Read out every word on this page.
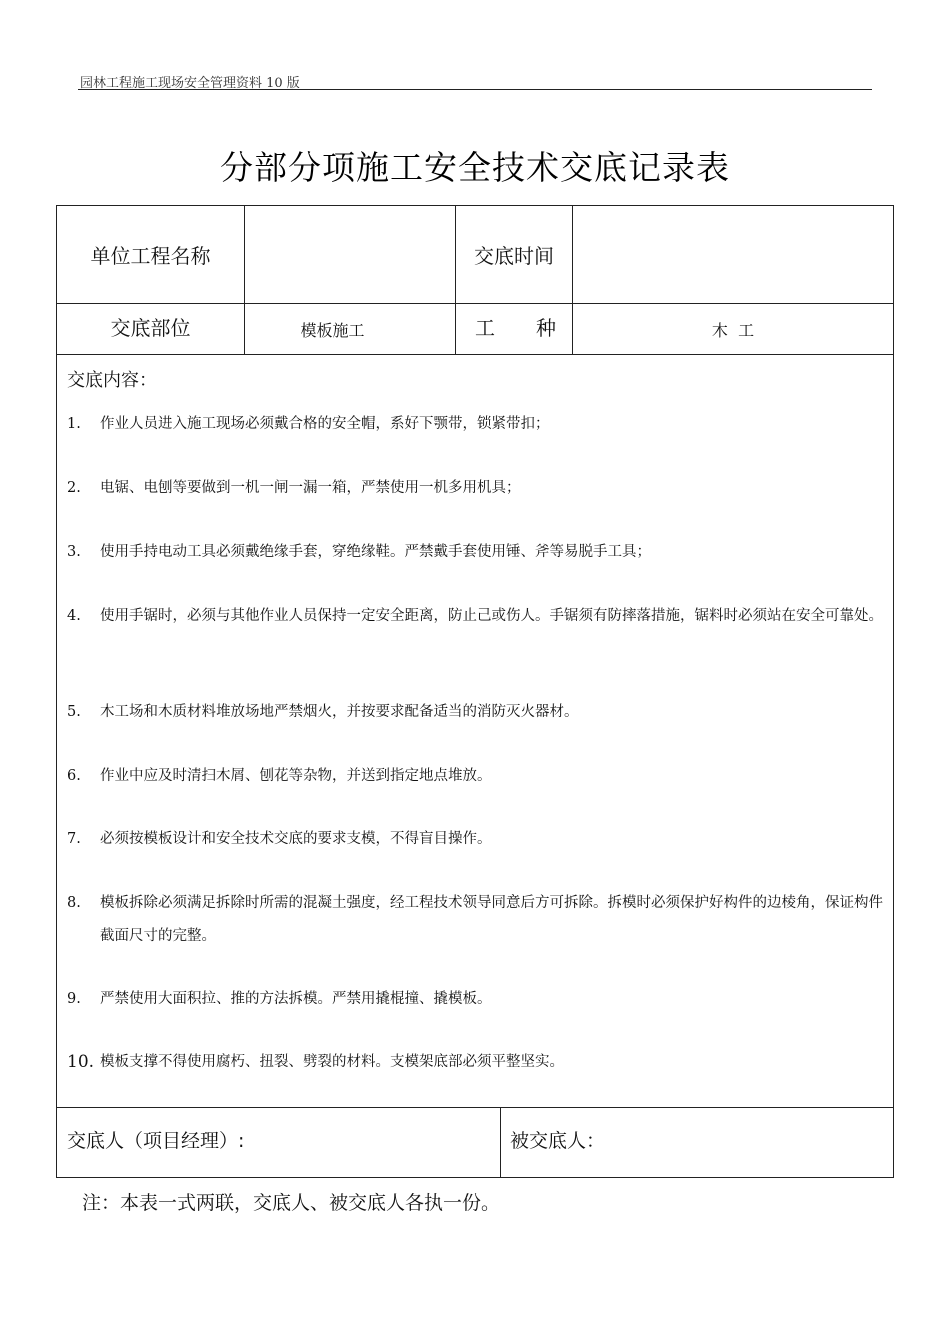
园林工程施工现场安全管理资料 10 版
分部分项施工安全技术交底记录表
单位工程名称	交底时间
交底部位	模板施工	工	种	木  工
交底内容：
1.	作业人员进入施工现场必须戴合格的安全帽，系好下颚带，锁紧带扣；
2.	电锯、电刨等要做到一机一闸一漏一箱，严禁使用一机多用机具；
3.	使用手持电动工具必须戴绝缘手套，穿绝缘鞋。严禁戴手套使用锤、斧等易脱手工具；
4.	使用手锯时，必须与其他作业人员保持一定安全距离，防止己或伤人。手锯须有防摔落措施，锯料时必须站在安全可靠处。
5.	木工场和木质材料堆放场地严禁烟火，并按要求配备适当的消防灭火器材。
6.	作业中应及时清扫木屑、刨花等杂物，并送到指定地点堆放。
7.	必须按模板设计和安全技术交底的要求支模，不得盲目操作。
8.	模板拆除必须满足拆除时所需的混凝土强度，经工程技术领导同意后方可拆除。拆模时必须保护好构件的边棱角，保证构件截面尺寸的完整。
9.	严禁使用大面积拉、推的方法拆模。严禁用撬棍撞、撬模板。
10. 模板支撑不得使用腐朽、扭裂、劈裂的材料。支模架底部必须平整坚实。
交底人（项目经理）:	被交底人：
注：本表一式两联，交底人、被交底人各执一份。
